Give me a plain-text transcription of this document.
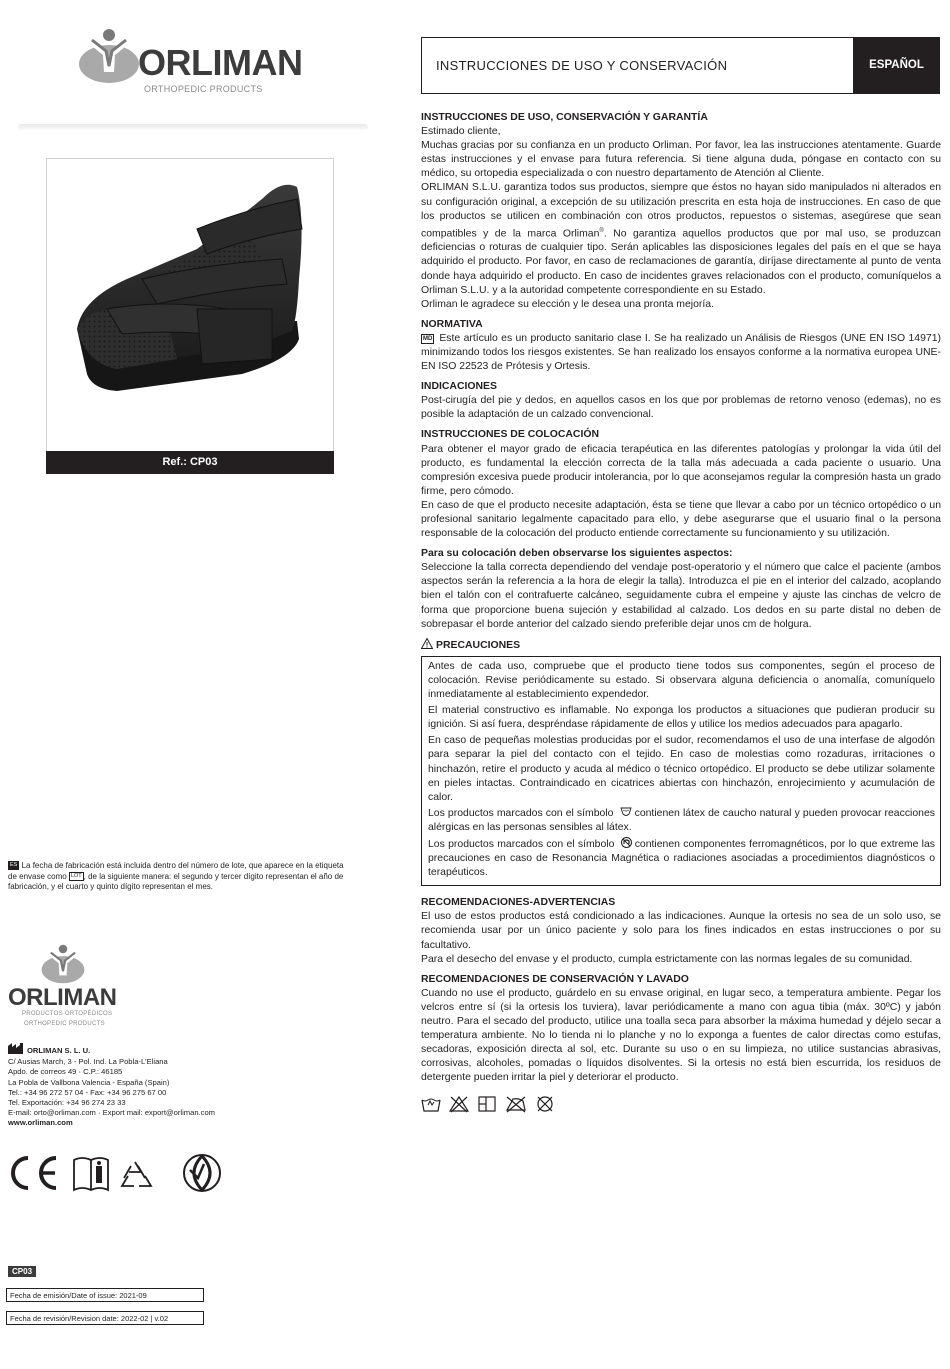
ORLIMAN
ORTHOPEDIC PRODUCTS
Ref.: CP03
ES La fecha de fabricación está incluida dentro del número de lote, que aparece en la etiqueta de envase como LOT , de la siguiente manera: el segundo y tercer dígito representan el año de fabricación, y el cuarto y quinto dígito representan el mes.
ORLIMAN
PRODUCTOS ORTOPÉDICOS
ORTHOPEDIC PRODUCTS
ORLIMAN S. L. U.
C/ Ausias March, 3 - Pol. Ind. La Pobla-L'Eliana
Apdo. de correos 49 · C.P.: 46185
La Pobla de Vallbona Valencia - España (Spain)
Tel.: +34 96 272 57 04 - Fax: +34 96 275 67 00
Tel. Exportación: +34 96 274 23 33
E-mail: orto@orliman.com · Export mail: export@orliman.com
www.orliman.com
CP03
Fecha de emisión/Date of issue: 2021-09
Fecha de revisión/Revision date: 2022-02 | v.02
INSTRUCCIONES DE USO Y CONSERVACIÓN	ESPAÑOL
INSTRUCCIONES DE USO, CONSERVACIÓN Y GARANTÍA

Estimado cliente,

Muchas gracias por su confianza en un producto Orliman. Por favor, lea las instrucciones atentamente. Guarde estas instrucciones y el envase para futura referencia. Si tiene alguna duda, póngase en contacto con su médico, su ortopedia especializada o con nuestro departamento de Atención al Cliente.

ORLIMAN S.L.U. garantiza todos sus productos, siempre que éstos no hayan sido manipulados ni alterados en su configuración original, a excepción de su utilización prescrita en esta hoja de instrucciones. En caso de que los productos se utilicen en combinación con otros productos, repuestos o sistemas, asegúrese que sean compatibles y de la marca Orliman®. No garantiza aquellos productos que por mal uso, se produzcan deficiencias o roturas de cualquier tipo. Serán aplicables las disposiciones legales del país en el que se haya adquirido el producto. Por favor, en caso de reclamaciones de garantía, diríjase directamente al punto de venta donde haya adquirido el producto. En caso de incidentes graves relacionados con el producto, comuníquelos a Orliman S.L.U. y a la autoridad competente correspondiente en su Estado.

Orliman le agradece su elección y le desea una pronta mejoría.

NORMATIVA

MD Este artículo es un producto sanitario clase I. Se ha realizado un Análisis de Riesgos (UNE EN ISO 14971) minimizando todos los riesgos existentes. Se han realizado los ensayos conforme a la normativa europea UNE-EN ISO 22523 de Prótesis y Ortesis.

INDICACIONES

Post-cirugía del pie y dedos, en aquellos casos en los que por problemas de retorno venoso (edemas), no es posible la adaptación de un calzado convencional.

INSTRUCCIONES DE COLOCACIÓN

Para obtener el mayor grado de eficacia terapéutica en las diferentes patologías y prolongar la vida útil del producto, es fundamental la elección correcta de la talla más adecuada a cada paciente o usuario. Una compresión excesiva puede producir intolerancia, por lo que aconsejamos regular la compresión hasta un grado firme, pero cómodo.

En caso de que el producto necesite adaptación, ésta se tiene que llevar a cabo por un técnico ortopédico o un profesional sanitario legalmente capacitado para ello, y debe asegurarse que el usuario final o la persona responsable de la colocación del producto entiende correctamente su funcionamiento y su utilización.

Para su colocación deben observarse los siguientes aspectos:

Seleccione la talla correcta dependiendo del vendaje post-operatorio y el número que calce el paciente (ambos aspectos serán la referencia a la hora de elegir la talla). Introduzca el pie en el interior del calzado, acoplando bien el talón con el contrafuerte calcáneo, seguidamente cubra el empeine y ajuste las cinchas de velcro de forma que proporcione buena sujeción y estabilidad al calzado. Los dedos en su parte distal no deben de sobrepasar el borde anterior del calzado siendo preferible dejar unos cm de holgura.

PRECAUCIONES

Antes de cada uso, compruebe que el producto tiene todos sus componentes, según el proceso de colocación. Revise periódicamente su estado. Si observara alguna deficiencia o anomalía, comuníquelo inmediatamente al establecimiento expendedor.

El material constructivo es inflamable. No exponga los productos a situaciones que pudieran producir su ignición. Si así fuera, despréndase rápidamente de ellos y utilice los medios adecuados para apagarlo.

En caso de pequeñas molestias producidas por el sudor, recomendamos el uso de una interfase de algodón para separar la piel del contacto con el tejido. En caso de molestias como rozaduras, irritaciones o hinchazón, retire el producto y acuda al médico o técnico ortopédico. El producto se debe utilizar solamente en pieles intactas. Contraindicado en cicatrices abiertas con hinchazón, enrojecimiento y acumulación de calor.

Los productos marcados con el símbolo contienen látex de caucho natural y pueden provocar reacciones alérgicas en las personas sensibles al látex.

Los productos marcados con el símbolo contienen componentes ferromagnéticos, por lo que extreme las precauciones en caso de Resonancia Magnética o radiaciones asociadas a procedimientos diagnósticos o terapéuticos.

RECOMENDACIONES-ADVERTENCIAS

El uso de estos productos está condicionado a las indicaciones. Aunque la ortesis no sea de un solo uso, se recomienda usar por un único paciente y solo para los fines indicados en estas instrucciones o por su facultativo.

Para el desecho del envase y el producto, cumpla estrictamente con las normas legales de su comunidad.

RECOMENDACIONES DE CONSERVACIÓN Y LAVADO

Cuando no use el producto, guárdelo en su envase original, en lugar seco, a temperatura ambiente. Pegar los velcros entre sí (si la ortesis los tuviera), lavar periódicamente a mano con agua tibia (máx. 30ºC) y jabón neutro. Para el secado del producto, utilice una toalla seca para absorber la máxima humedad y déjelo secar a temperatura ambiente. No lo tienda ni lo planche y no lo exponga a fuentes de calor directas como estufas, secadoras, exposición directa al sol, etc. Durante su uso o en su limpieza, no utilice sustancias abrasivas, corrosivas, alcoholes, pomadas o líquidos disolventes. Si la ortesis no está bien escurrida, los residuos de detergente pueden irritar la piel y deteriorar el producto.
